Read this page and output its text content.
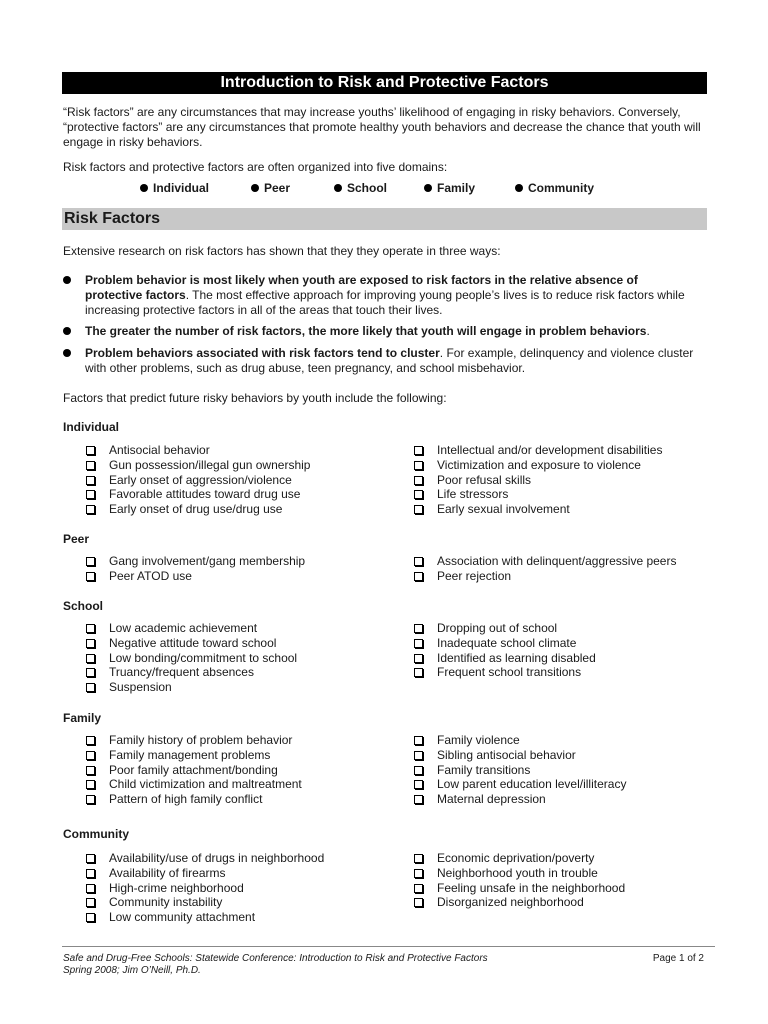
Introduction to Risk and Protective Factors
“Risk factors” are any circumstances that may increase youths’ likelihood of engaging in risky behaviors. Conversely, “protective factors” are any circumstances that promote healthy youth behaviors and decrease the chance that youth will engage in risky behaviors.
Risk factors and protective factors are often organized into five domains:
Individual	Peer	School	Family	Community
Risk Factors
Extensive research on risk factors has shown that they they operate in three ways:
Problem behavior is most likely when youth are exposed to risk factors in the relative absence of protective factors. The most effective approach for improving young people’s lives is to reduce risk factors while increasing protective factors in all of the areas that touch their lives.
The greater the number of risk factors, the more likely that youth will engage in problem behaviors.
Problem behaviors associated with risk factors tend to cluster. For example, delinquency and violence cluster with other problems, such as drug abuse, teen pregnancy, and school misbehavior.
Factors that predict future risky behaviors by youth include the following:
Individual
Antisocial behavior
Gun possession/illegal gun ownership
Early onset of aggression/violence
Favorable attitudes toward drug use
Early onset of drug use/drug use
Intellectual and/or development disabilities
Victimization and exposure to violence
Poor refusal skills
Life stressors
Early sexual involvement
Peer
Gang involvement/gang membership
Peer ATOD use
Association with delinquent/aggressive peers
Peer rejection
School
Low academic achievement
Negative attitude toward school
Low bonding/commitment to school
Truancy/frequent absences
Suspension
Dropping out of school
Inadequate school climate
Identified as learning disabled
Frequent school transitions
Family
Family history of problem behavior
Family management problems
Poor family attachment/bonding
Child victimization and maltreatment
Pattern of high family conflict
Family violence
Sibling antisocial behavior
Family transitions
Low parent education level/illiteracy
Maternal depression
Community
Availability/use of drugs in neighborhood
Availability of firearms
High-crime neighborhood
Community instability
Low community attachment
Economic deprivation/poverty
Neighborhood youth in trouble
Feeling unsafe in the neighborhood
Disorganized neighborhood
Safe and Drug-Free Schools: Statewide Conference: Introduction to Risk and Protective Factors
Spring 2008; Jim O’Neill, Ph.D.
Page 1 of 2
